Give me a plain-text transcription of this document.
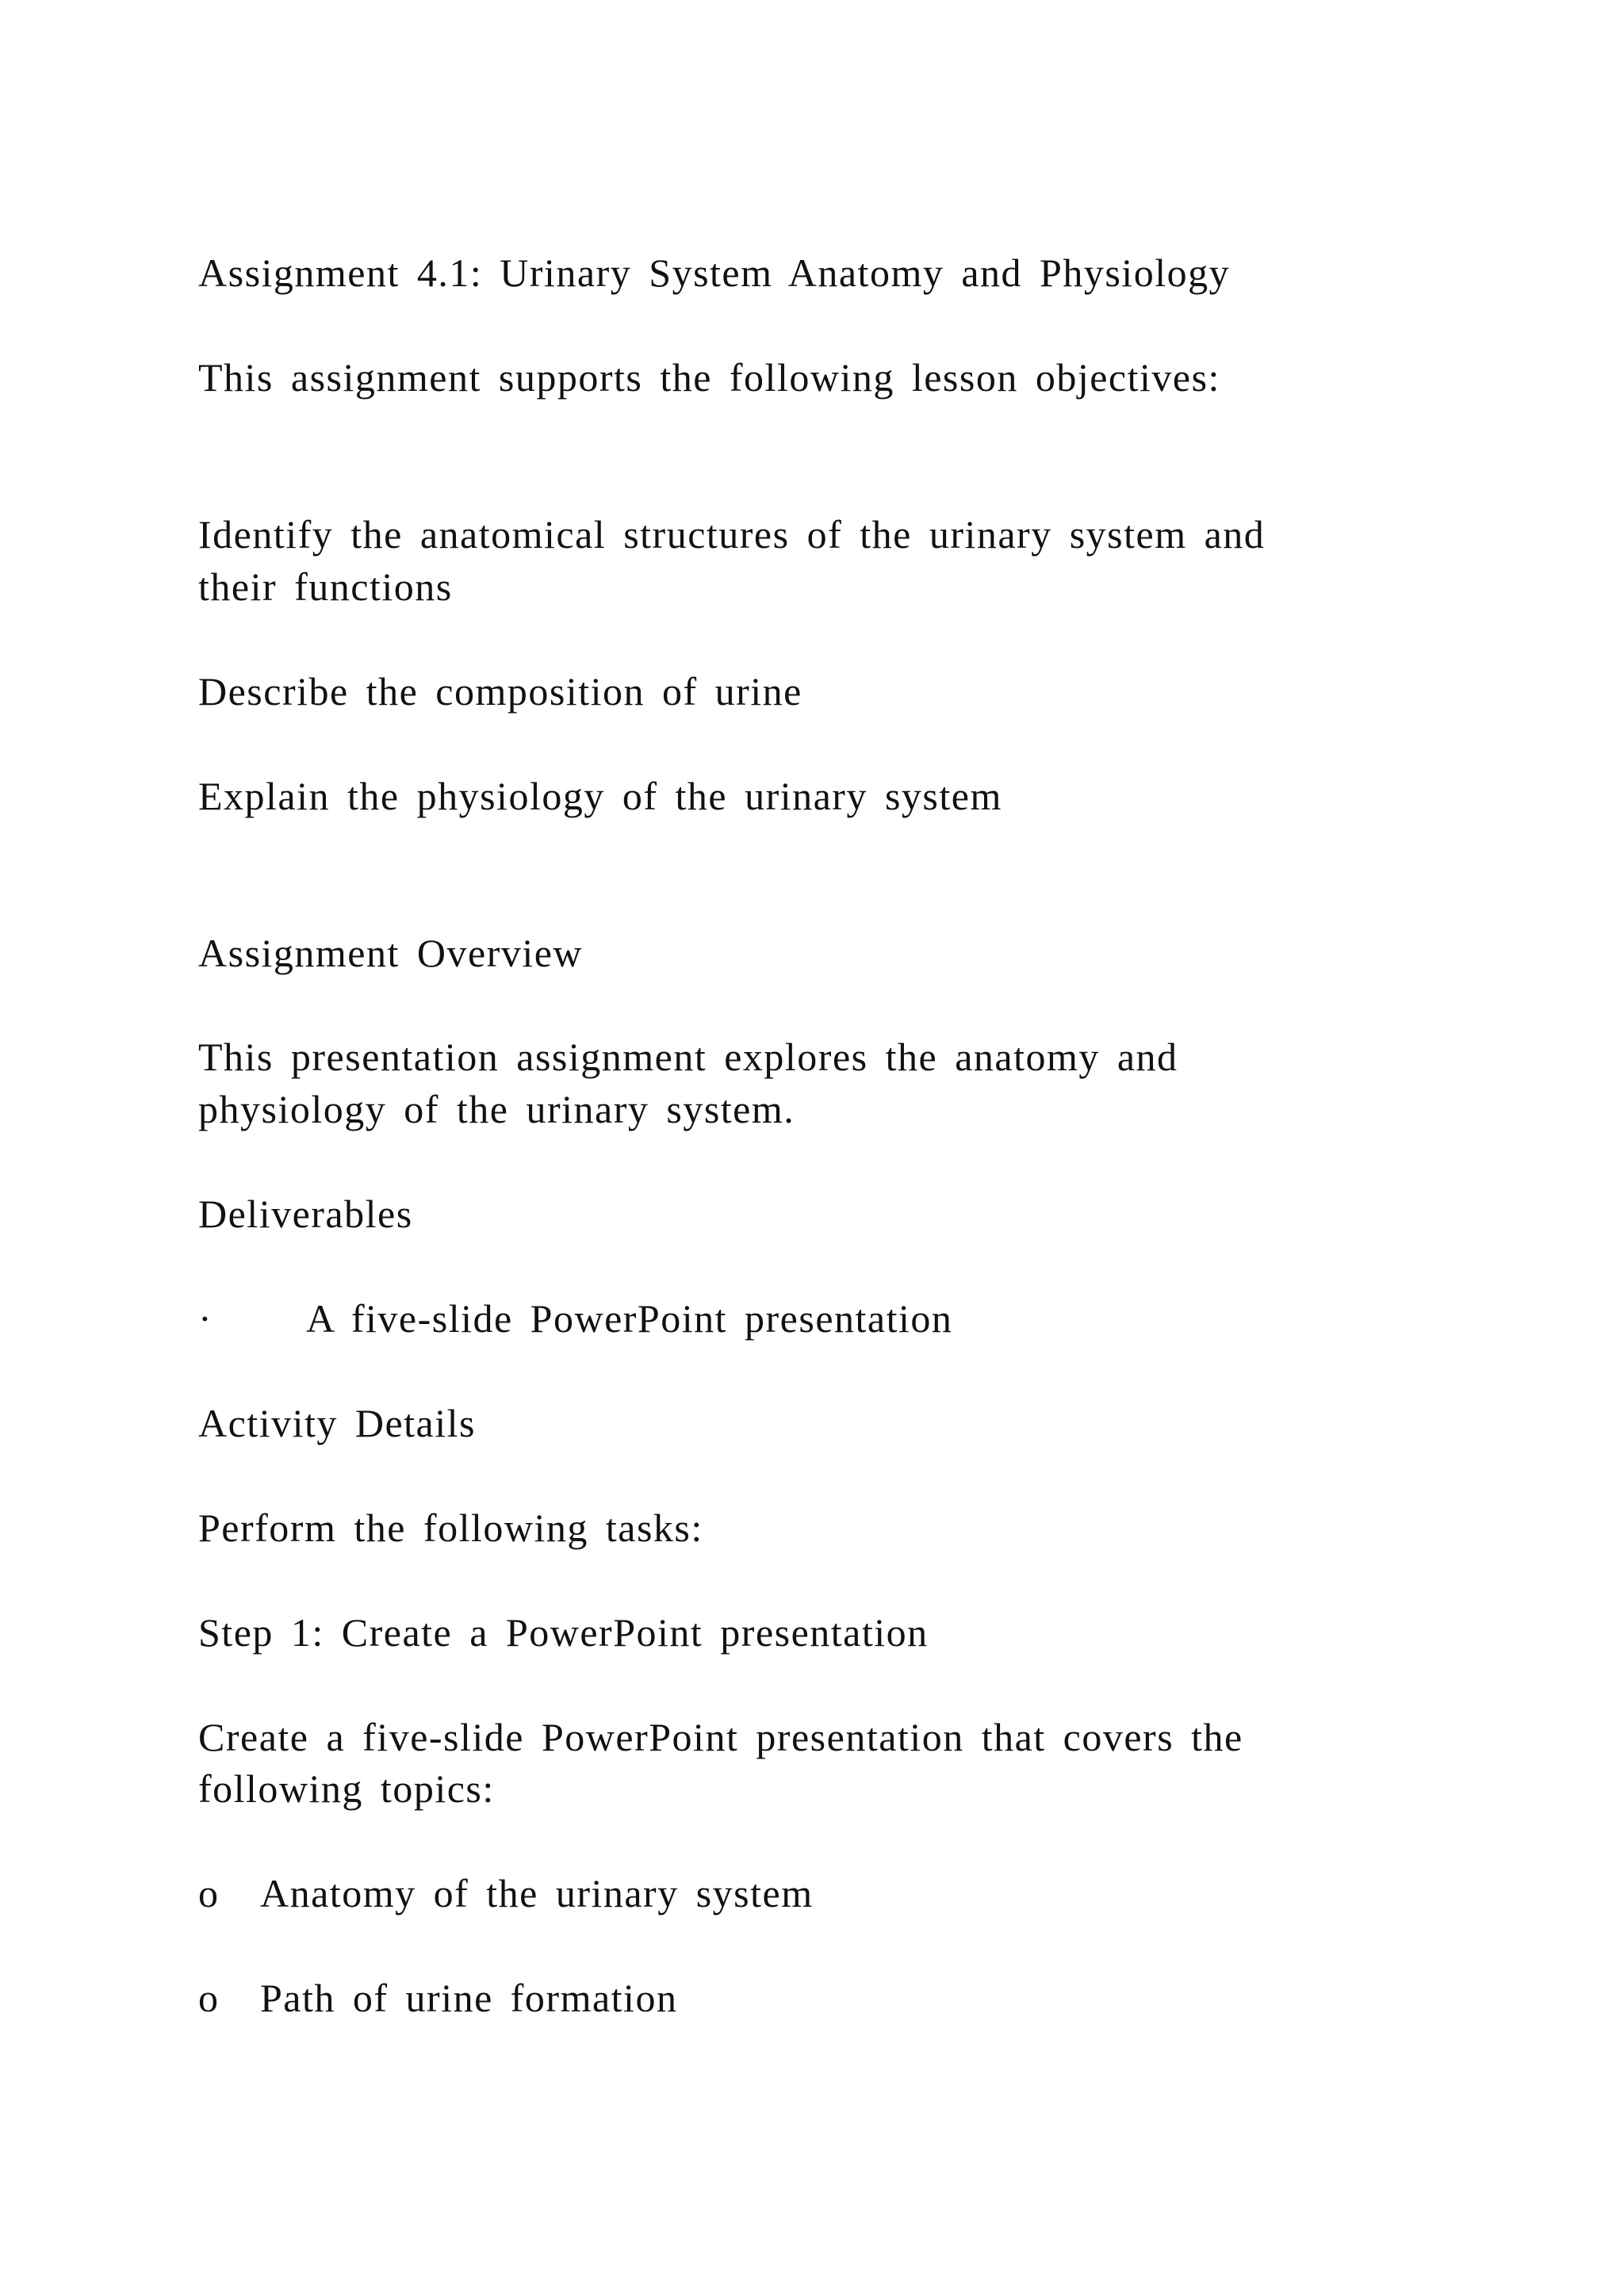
Assignment 4.1: Urinary System Anatomy and Physiology

This assignment supports the following lesson objectives:

Identify the anatomical structures of the urinary system and

their functions

Describe the composition of urine

Explain the physiology of the urinary system

Assignment Overview

This presentation assignment explores the anatomy and

physiology of the urinary system.

Deliverables

· A five-slide PowerPoint presentation

Activity Details

Perform the following tasks:

Step 1: Create a PowerPoint presentation

Create a five-slide PowerPoint presentation that covers the

following topics:

o Anatomy of the urinary system

o Path of urine formation
